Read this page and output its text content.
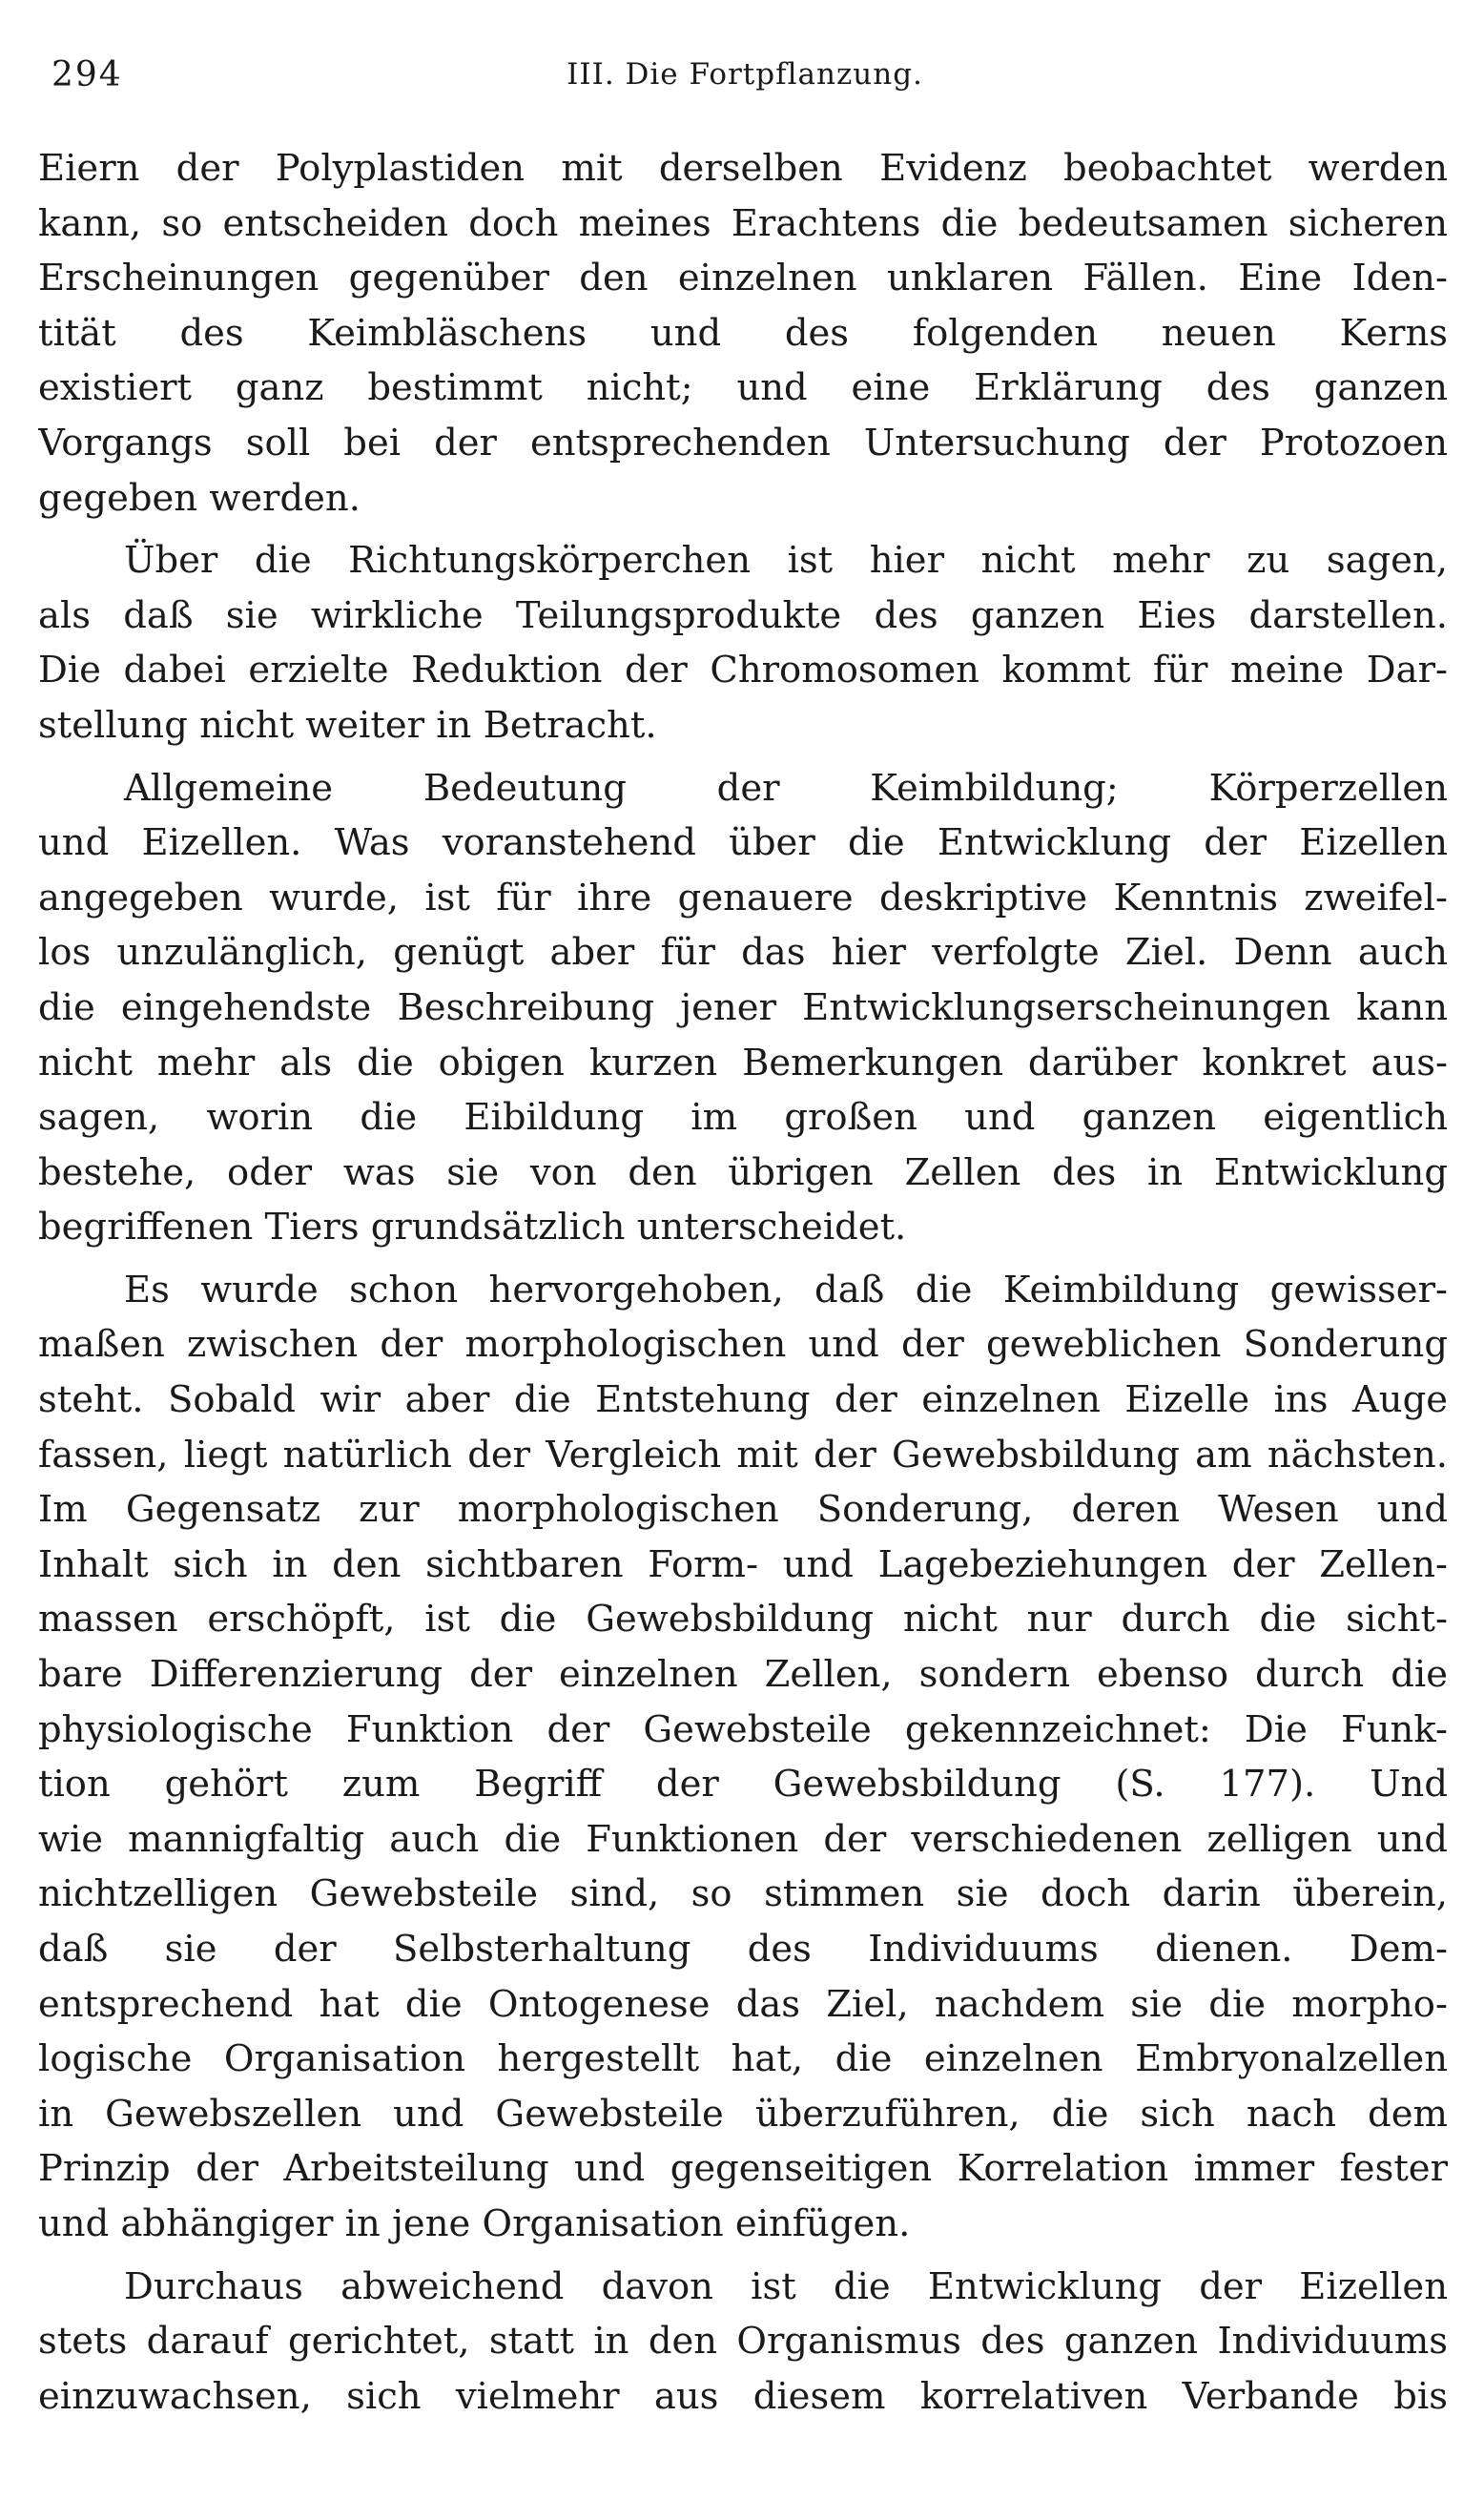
294	III. Die Fortpflanzung.
Eiern der Polyplastiden mit derselben Evidenz beobachtet werden
kann, so entscheiden doch meines Erachtens die bedeutsamen sicheren
Erscheinungen gegenüber den einzelnen unklaren Fällen. Eine Iden-
tität des Keimbläschens und des folgenden neuen Kerns
existiert ganz bestimmt nicht; und eine Erklärung des ganzen
Vorgangs soll bei der entsprechenden Untersuchung der Protozoen
gegeben werden.
Über die Richtungskörperchen ist hier nicht mehr zu sagen,
als daß sie wirkliche Teilungsprodukte des ganzen Eies darstellen.
Die dabei erzielte Reduktion der Chromosomen kommt für meine Dar-
stellung nicht weiter in Betracht.
Allgemeine Bedeutung der Keimbildung; Körperzellen
und Eizellen. Was voranstehend über die Entwicklung der Eizellen
angegeben wurde, ist für ihre genauere deskriptive Kenntnis zweifel-
los unzulänglich, genügt aber für das hier verfolgte Ziel. Denn auch
die eingehendste Beschreibung jener Entwicklungserscheinungen kann
nicht mehr als die obigen kurzen Bemerkungen darüber konkret aus-
sagen, worin die Eibildung im großen und ganzen eigentlich
bestehe, oder was sie von den übrigen Zellen des in Entwicklung
begriffenen Tiers grundsätzlich unterscheidet.
Es wurde schon hervorgehoben, daß die Keimbildung gewisser-
maßen zwischen der morphologischen und der geweblichen Sonderung
steht. Sobald wir aber die Entstehung der einzelnen Eizelle ins Auge
fassen, liegt natürlich der Vergleich mit der Gewebsbildung am nächsten.
Im Gegensatz zur morphologischen Sonderung, deren Wesen und
Inhalt sich in den sichtbaren Form- und Lagebeziehungen der Zellen-
massen erschöpft, ist die Gewebsbildung nicht nur durch die sicht-
bare Differenzierung der einzelnen Zellen, sondern ebenso durch die
physiologische Funktion der Gewebsteile gekennzeichnet: Die Funk-
tion gehört zum Begriff der Gewebsbildung (S. 177). Und
wie mannigfaltig auch die Funktionen der verschiedenen zelligen und
nichtzelligen Gewebsteile sind, so stimmen sie doch darin überein,
daß sie der Selbsterhaltung des Individuums dienen. Dem-
entsprechend hat die Ontogenese das Ziel, nachdem sie die morpho-
logische Organisation hergestellt hat, die einzelnen Embryonalzellen
in Gewebszellen und Gewebsteile überzuführen, die sich nach dem
Prinzip der Arbeitsteilung und gegenseitigen Korrelation immer fester
und abhängiger in jene Organisation einfügen.
Durchaus abweichend davon ist die Entwicklung der Eizellen
stets darauf gerichtet, statt in den Organismus des ganzen Individuums
einzuwachsen, sich vielmehr aus diesem korrelativen Verbande bis
